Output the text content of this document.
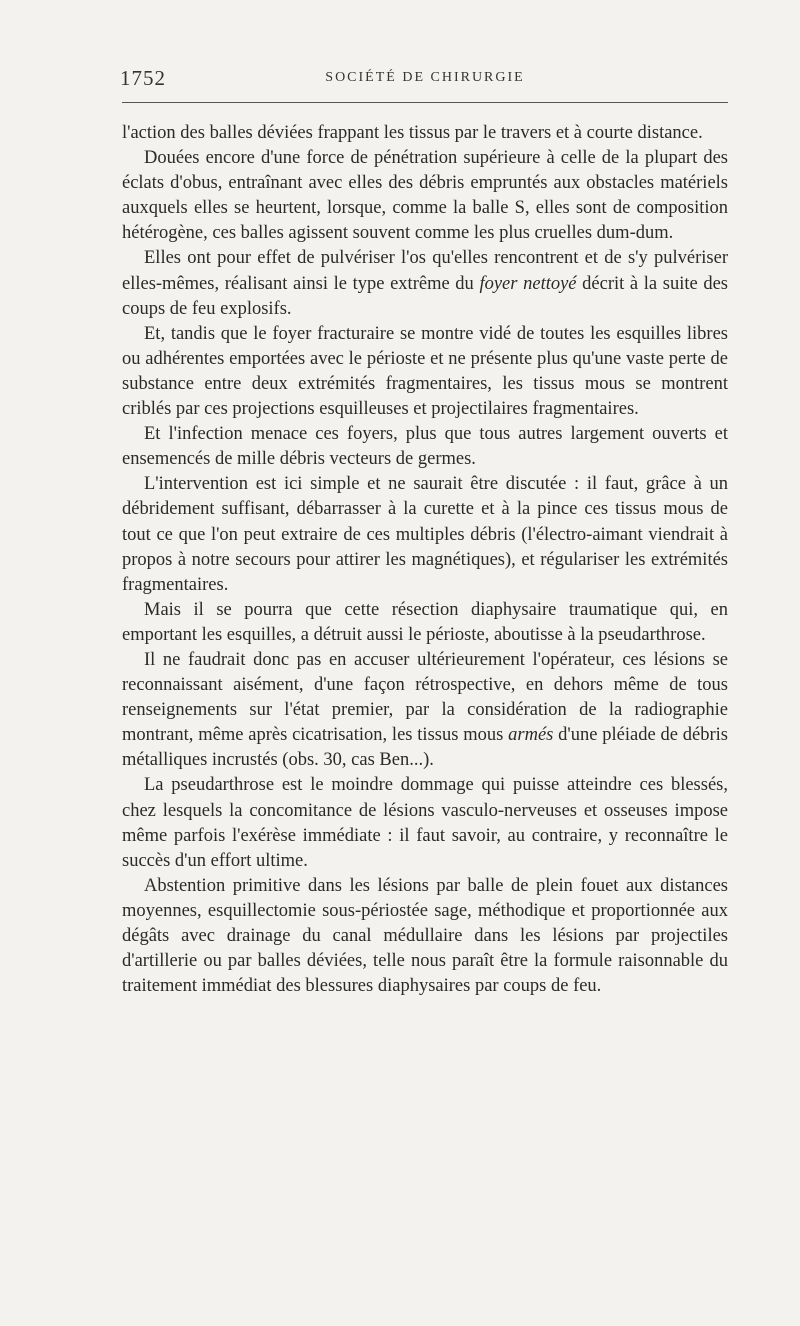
1752	SOCIÉTÉ DE CHIRURGIE

l'action des balles déviées frappant les tissus par le travers et à courte distance.

Douées encore d'une force de pénétration supérieure à celle de la plupart des éclats d'obus, entraînant avec elles des débris empruntés aux obstacles matériels auxquels elles se heurtent, lorsque, comme la balle S, elles sont de composition hétérogène, ces balles agissent souvent comme les plus cruelles dum-dum.

Elles ont pour effet de pulvériser l'os qu'elles rencontrent et de s'y pulvériser elles-mêmes, réalisant ainsi le type extrême du foyer nettoyé décrit à la suite des coups de feu explosifs.

Et, tandis que le foyer fracturaire se montre vidé de toutes les esquilles libres ou adhérentes emportées avec le périoste et ne présente plus qu'une vaste perte de substance entre deux extrémités fragmentaires, les tissus mous se montrent criblés par ces projections esquilleuses et projectilaires fragmentaires.

Et l'infection menace ces foyers, plus que tous autres largement ouverts et ensemencés de mille débris vecteurs de germes.

L'intervention est ici simple et ne saurait être discutée : il faut, grâce à un débridement suffisant, débarrasser à la curette et à la pince ces tissus mous de tout ce que l'on peut extraire de ces multiples débris (l'électro-aimant viendrait à propos à notre secours pour attirer les magnétiques), et régulariser les extrémités fragmentaires.

Mais il se pourra que cette résection diaphysaire traumatique qui, en emportant les esquilles, a détruit aussi le périoste, aboutisse à la pseudarthrose.

Il ne faudrait donc pas en accuser ultérieurement l'opérateur, ces lésions se reconnaissant aisément, d'une façon rétrospective, en dehors même de tous renseignements sur l'état premier, par la considération de la radiographie montrant, même après cicatrisation, les tissus mous armés d'une pléiade de débris métalliques incrustés (obs. 30, cas Ben...).

La pseudarthrose est le moindre dommage qui puisse atteindre ces blessés, chez lesquels la concomitance de lésions vasculo-nerveuses et osseuses impose même parfois l'exérèse immédiate : il faut savoir, au contraire, y reconnaître le succès d'un effort ultime.

Abstention primitive dans les lésions par balle de plein fouet aux distances moyennes, esquillectomie sous-périostée sage, méthodique et proportionnée aux dégâts avec drainage du canal médullaire dans les lésions par projectiles d'artillerie ou par balles déviées, telle nous paraît être la formule raisonnable du traitement immédiat des blessures diaphysaires par coups de feu.
